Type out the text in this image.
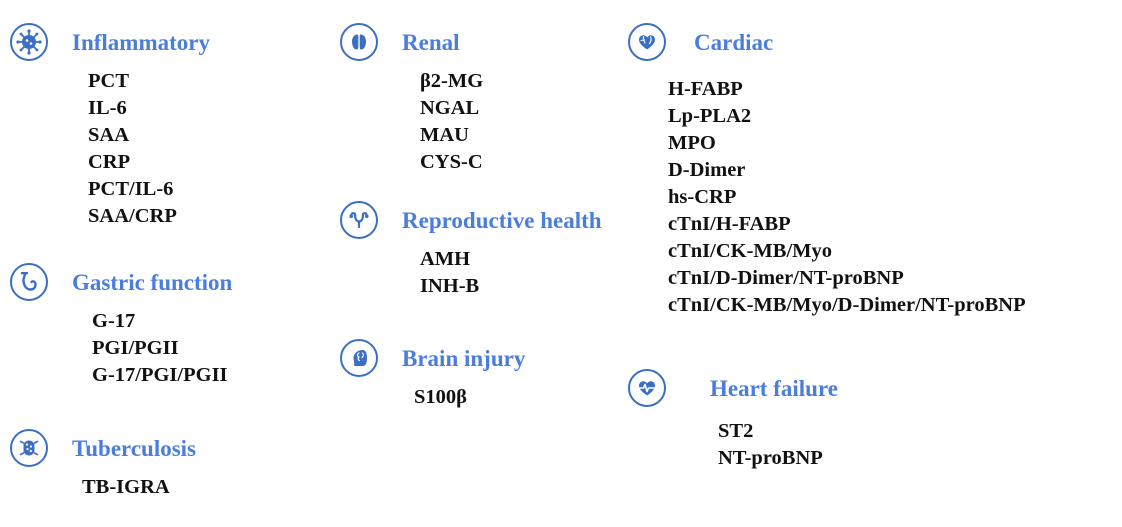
Inflammatory
PCT
IL-6
SAA
CRP
PCT/IL-6
SAA/CRP
Gastric function
G-17
PGI/PGII
G-17/PGI/PGII
Tuberculosis
TB-IGRA
Renal
β2-MG
NGAL
MAU
CYS-C
Reproductive health
AMH
INH-B
Brain injury
S100β
Cardiac
H-FABP
Lp-PLA2
MPO
D-Dimer
hs-CRP
cTnI/H-FABP
cTnI/CK-MB/Myo
cTnI/D-Dimer/NT-proBNP
cTnI/CK-MB/Myo/D-Dimer/NT-proBNP
Heart failure
ST2
NT-proBNP
